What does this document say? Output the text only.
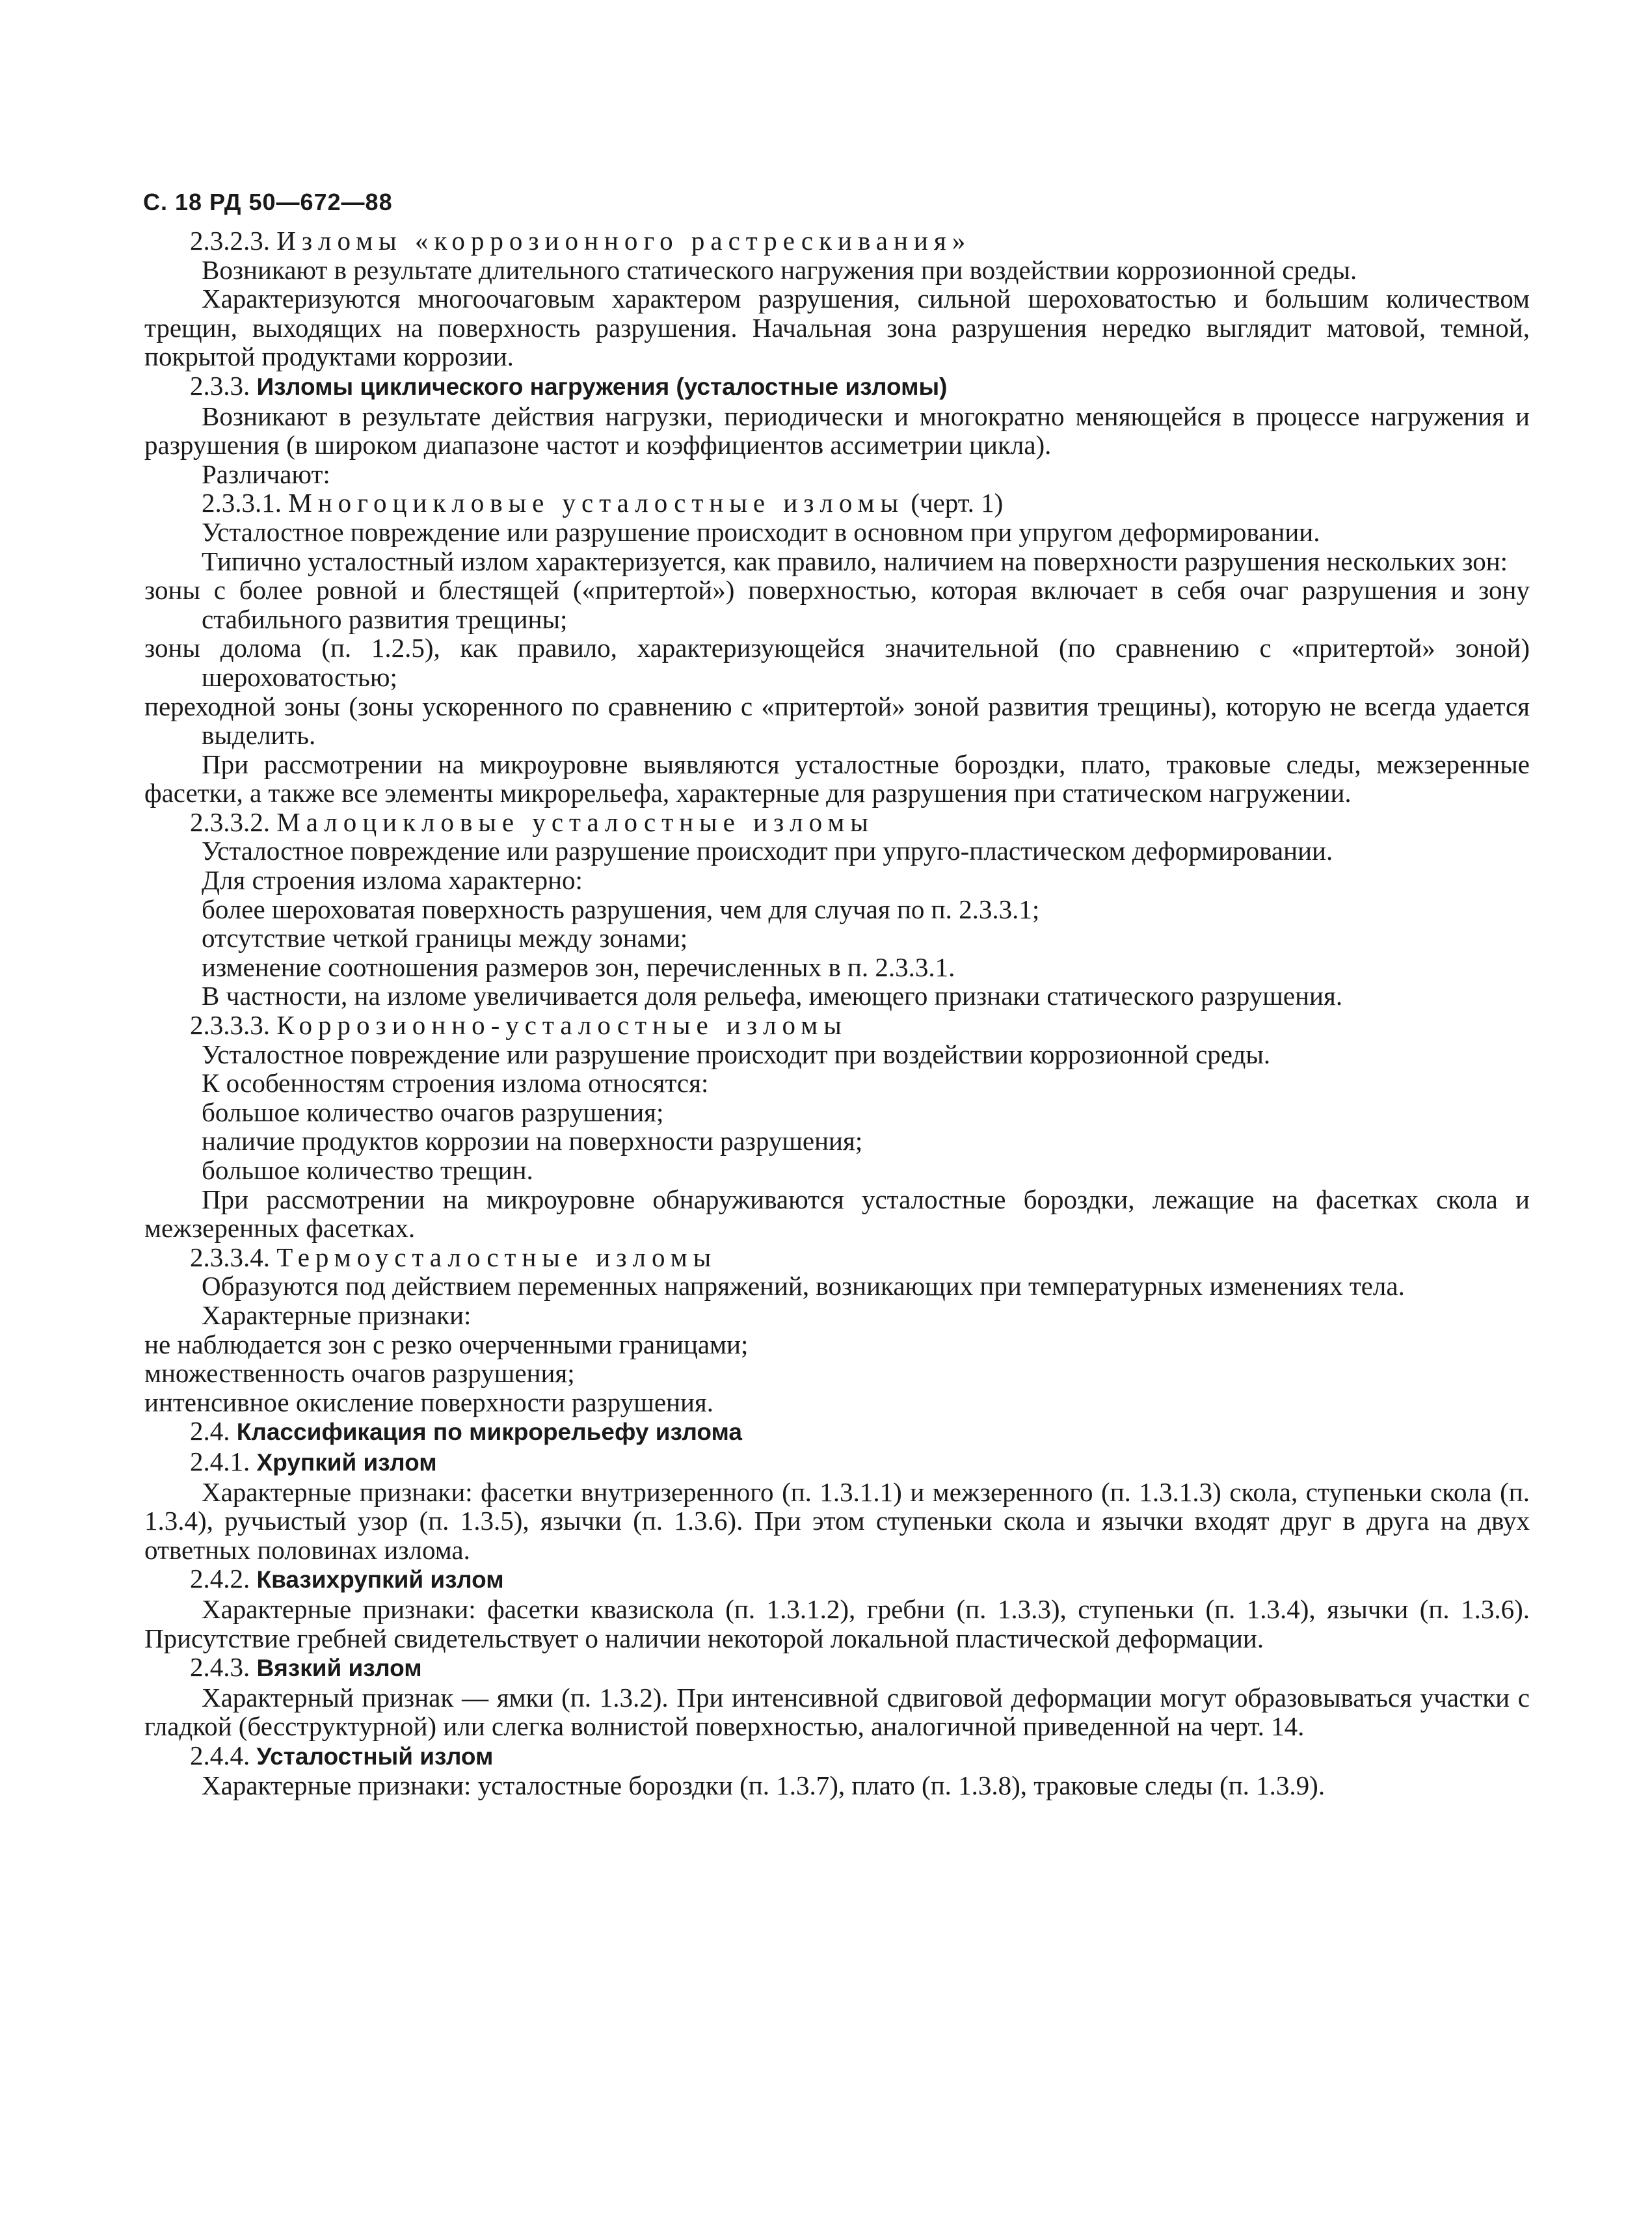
С. 18 РД 50—672—88

2.3.2.3. Изломы «коррозионного растрескивания»

Возникают в результате длительного статического нагружения при воздействии коррозионной среды.

Характеризуются многоочаговым характером разрушения, сильной шероховатостью и большим количеством трещин, выходящих на поверхность разрушения. Начальная зона разрушения нередко выглядит матовой, темной, покрытой продуктами коррозии.

2.3.3. Изломы циклического нагружения (усталостные изломы)

Возникают в результате действия нагрузки, периодически и многократно меняющейся в процессе нагружения и разрушения (в широком диапазоне частот и коэффициентов ассиметрии цикла).

Различают:

2.3.3.1. Многоцикловые усталостные изломы (черт. 1)

Усталостное повреждение или разрушение происходит в основном при упругом деформировании.

Типично усталостный излом характеризуется, как правило, наличием на поверхности разрушения нескольких зон:

зоны с более ровной и блестящей («притертой») поверхностью, которая включает в себя очаг разрушения и зону стабильного развития трещины;

зоны долома (п. 1.2.5), как правило, характеризующейся значительной (по сравнению с «притертой» зоной) шероховатостью;

переходной зоны (зоны ускоренного по сравнению с «притертой» зоной развития трещины), которую не всегда удается выделить.

При рассмотрении на микроуровне выявляются усталостные бороздки, плато, траковые следы, межзеренные фасетки, а также все элементы микрорельефа, характерные для разрушения при статическом нагружении.

2.3.3.2. Малоцикловые усталостные изломы

Усталостное повреждение или разрушение происходит при упруго-пластическом деформировании.

Для строения излома характерно:

более шероховатая поверхность разрушения, чем для случая по п. 2.3.3.1;

отсутствие четкой границы между зонами;

изменение соотношения размеров зон, перечисленных в п. 2.3.3.1.

В частности, на изломе увеличивается доля рельефа, имеющего признаки статического разрушения.

2.3.3.3. Коррозионно-усталостные изломы

Усталостное повреждение или разрушение происходит при воздействии коррозионной среды.

К особенностям строения излома относятся:

большое количество очагов разрушения;

наличие продуктов коррозии на поверхности разрушения;

большое количество трещин.

При рассмотрении на микроуровне обнаруживаются усталостные бороздки, лежащие на фасетках скола и межзеренных фасетках.

2.3.3.4. Термоусталостные изломы

Образуются под действием переменных напряжений, возникающих при температурных изменениях тела.

Характерные признаки:

не наблюдается зон с резко очерченными границами;

множественность очагов разрушения;

интенсивное окисление поверхности разрушения.

2.4. Классификация по микрорельефу излома

2.4.1. Хрупкий излом

Характерные признаки: фасетки внутризеренного (п. 1.3.1.1) и межзеренного (п. 1.3.1.3) скола, ступеньки скола (п. 1.3.4), ручьистый узор (п. 1.3.5), язычки (п. 1.3.6). При этом ступеньки скола и язычки входят друг в друга на двух ответных половинах излома.

2.4.2. Квазихрупкий излом

Характерные признаки: фасетки квазискола (п. 1.3.1.2), гребни (п. 1.3.3), ступеньки (п. 1.3.4), язычки (п. 1.3.6). Присутствие гребней свидетельствует о наличии некоторой локальной пластической деформации.

2.4.3. Вязкий излом

Характерный признак — ямки (п. 1.3.2). При интенсивной сдвиговой деформации могут образовываться участки с гладкой (бесструктурной) или слегка волнистой поверхностью, аналогичной приведенной на черт. 14.

2.4.4. Усталостный излом

Характерные признаки: усталостные бороздки (п. 1.3.7), плато (п. 1.3.8), траковые следы (п. 1.3.9).
